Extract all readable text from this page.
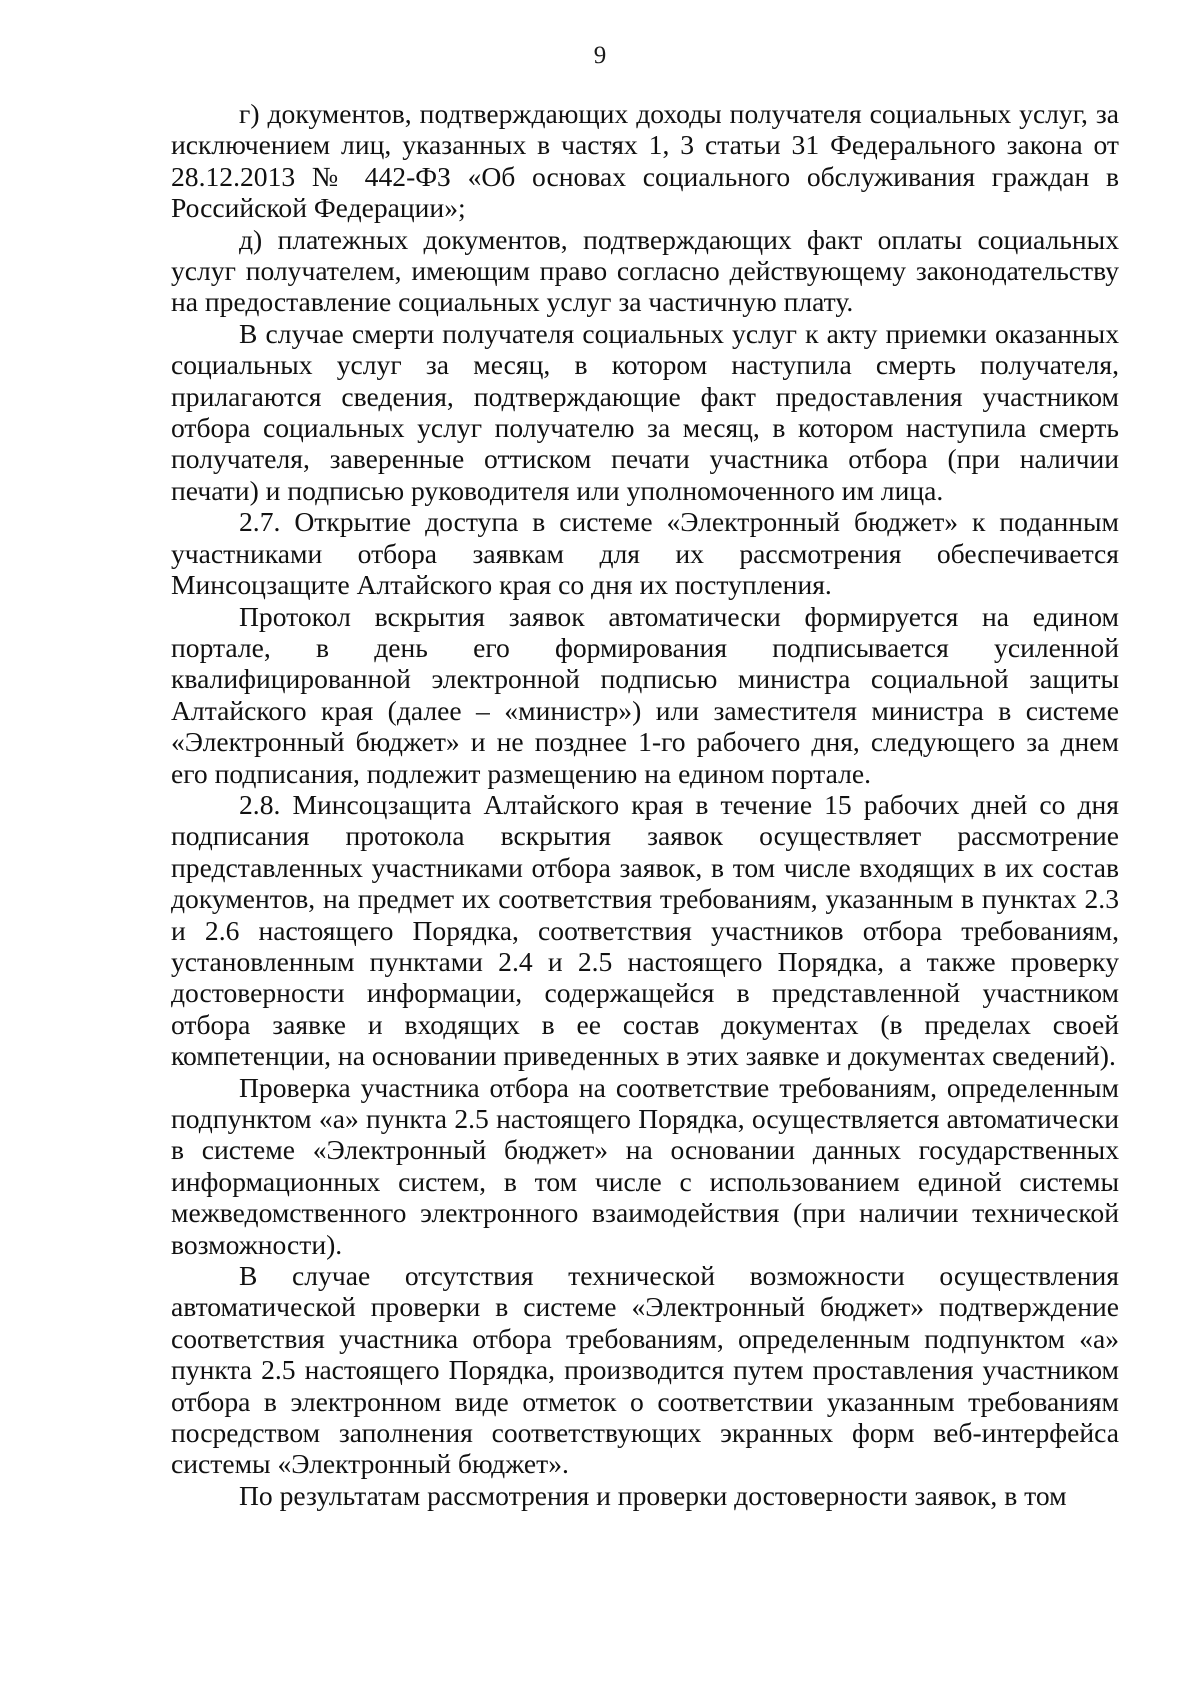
9

г) документов, подтверждающих доходы получателя социальных услуг, за исключением лиц, указанных в частях 1, 3 статьи 31 Федерального закона от 28.12.2013 № 442-ФЗ «Об основах социального обслуживания граждан в Российской Федерации»;

д) платежных документов, подтверждающих факт оплаты социальных услуг получателем, имеющим право согласно действующему законодательству на предоставление социальных услуг за частичную плату.

В случае смерти получателя социальных услуг к акту приемки оказанных социальных услуг за месяц, в котором наступила смерть получателя, прилагаются сведения, подтверждающие факт предоставления участником отбора социальных услуг получателю за месяц, в котором наступила смерть получателя, заверенные оттиском печати участника отбора (при наличии печати) и подписью руководителя или уполномоченного им лица.

2.7. Открытие доступа в системе «Электронный бюджет» к поданным участниками отбора заявкам для их рассмотрения обеспечивается Минсоцзащите Алтайского края со дня их поступления.

Протокол вскрытия заявок автоматически формируется на едином портале, в день его формирования подписывается усиленной квалифицированной электронной подписью министра социальной защиты Алтайского края (далее – «министр») или заместителя министра в системе «Электронный бюджет» и не позднее 1-го рабочего дня, следующего за днем его подписания, подлежит размещению на едином портале.

2.8. Минсоцзащита Алтайского края в течение 15 рабочих дней со дня подписания протокола вскрытия заявок осуществляет рассмотрение представленных участниками отбора заявок, в том числе входящих в их состав документов, на предмет их соответствия требованиям, указанным в пунктах 2.3 и 2.6 настоящего Порядка, соответствия участников отбора требованиям, установленным пунктами 2.4 и 2.5 настоящего Порядка, а также проверку достоверности информации, содержащейся в представленной участником отбора заявке и входящих в ее состав документах (в пределах своей компетенции, на основании приведенных в этих заявке и документах сведений).

Проверка участника отбора на соответствие требованиям, определенным подпунктом «а» пункта 2.5 настоящего Порядка, осуществляется автоматически в системе «Электронный бюджет» на основании данных государственных информационных систем, в том числе с использованием единой системы межведомственного электронного взаимодействия (при наличии технической возможности).

В случае отсутствия технической возможности осуществления автоматической проверки в системе «Электронный бюджет» подтверждение соответствия участника отбора требованиям, определенным подпунктом «а» пункта 2.5 настоящего Порядка, производится путем проставления участником отбора в электронном виде отметок о соответствии указанным требованиям посредством заполнения соответствующих экранных форм веб-интерфейса системы «Электронный бюджет».

По результатам рассмотрения и проверки достоверности заявок, в том
